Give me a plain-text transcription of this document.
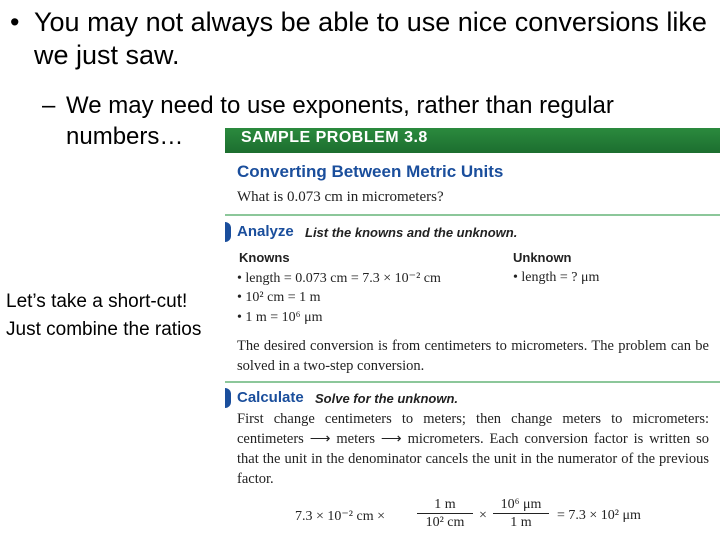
• You may not always be able to use nice conversions like we just saw.
– We may need to use exponents, rather than regular numbers…
Let’s take a short-cut!
Just combine the ratios
SAMPLE PROBLEM 3.8
Converting Between Metric Units
What is 0.073 cm in micrometers?
Analyze List the knowns and the unknown.
Knowns	Unknown
• length = 0.073 cm = 7.3 × 10⁻² cm
• 10² cm = 1 m
• 1 m = 10⁶ μm
• length = ? μm
The desired conversion is from centimeters to micrometers. The problem can be solved in a two-step conversion.
Calculate Solve for the unknown.
First change centimeters to meters; then change meters to micrometers: centimeters ⟶ meters ⟶ micrometers. Each conversion factor is written so that the unit in the denominator cancels the unit in the numerator of the previous factor.
7.3 × 10⁻² cm × $\frac{1 m}{\text{10² cm}} \times \frac{\text{10⁶ μm}}{1 m} = 7.3 \times 10^2$ μm
